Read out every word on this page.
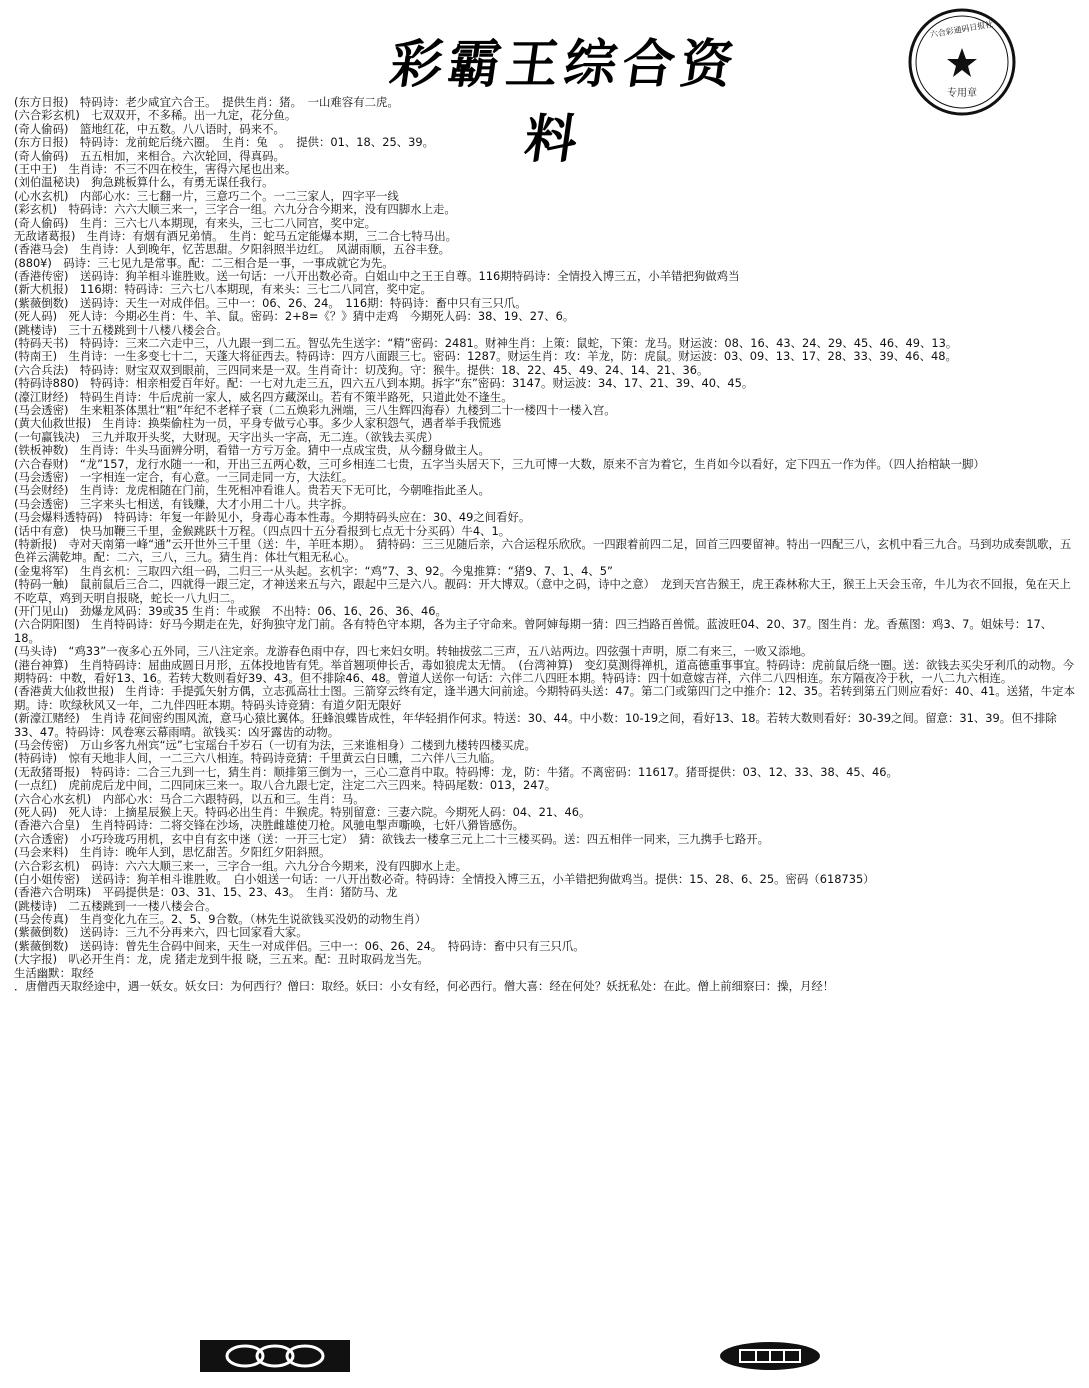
彩霸王综合资料
专用章
六合彩通码日报社
(东方日报)　特码诗：老少咸宜六合王。　提供生肖：猪。　一山难容有二虎。
(六合彩玄机)　七双双开，不多稀。出一九定，花分鱼。
(奇人偷码)　篮地红花，中五数。八八语时，码来不。
(东方日报)　特码诗：龙前蛇后绕六圈。　生肖：兔　。　提供：01、18、25、39。
(奇人偷码)　五五相加，来相合。六次轮回，得真码。
(王中王)　生肖诗：不三不四在校生，害得六尾也出来。
(刘伯温秘诀)　狗急跳板算什么，有勇无谋任我行。
(心水玄机)　内部心水：三七翻一片，三意巧二个。一二三家人，四字平一线
(彩玄机)　特码诗：六六大顺三来一，三字合一组。六九分合今期来，没有四脚水上走。
(奇人偷码)　生肖：三六七八本期现，有来头，三七二八同宫，奖中定。
无敌诸葛报)　生肖诗：有烟有酒兄弟情。　生肖：蛇马五定能爆本期，三二合七特马出。
(香港马会)　生肖诗：人到晚年，忆苦思甜。夕阳斜照半边红。　风湖雨顺，五谷丰登。
(880¥)　码诗：三七见九是常事。配：二三相合是一事，一事成就它为先。
(香港传密)　送码诗：狗羊相斗谁胜败。送一句话：一八开出数必奇。白姐山中之王王自尊。116期特码诗：全情投入博三五，小羊错把狗做鸡当
(新大机报)　116期：特码诗：三六七八本期现，有来头：三七二八同宫，奖中定。
(紫薇倒数)　送码诗：天生一对成伴侣。三中一：06、26、24。　116期：特码诗：畜中只有三只爪。
(死人码)　死人诗：今期必生肖：牛、羊、鼠。密码：2+8=《？》猜中走鸡　今期死人码：38、19、27、6。
(跳楼诗)　三十五楼跳到十八楼八楼会合。
(特码天书)　特码诗：三来二六走中三，八九跟一到二五。智弘先生送字：“精”密码：2481。财神生肖：上策：鼠蛇，下策：龙马。财运波：08、16、43、24、29、45、46、49、13。
(特南王)　生肖诗：一生多变七十二，天蓬大将征西去。特码诗：四方八面跟三七。密码：1287。财运生肖：攻：羊龙，防：虎鼠。财运波：03、09、13、17、28、33、39、46、48。
(六合兵法)　特码诗：财宝双双到眼前，三四同来是一双。生肖奇计：切茂狗。守：猴牛。提供：18、22、45、49、24、14、21、36。
(特码诗880)　特码诗：相亲相爱百年好。配：一七对九走三五，四六五八到本期。拆字“东”密码：3147。财运波：34、17、21、39、40、45。
(濠江財经)　特码生肖诗：牛后虎前一家人，威名四方藏深山。若有不策半路死，只道此处不逢生。
(马会透密)　生来粗茶体黑壮“粗”年纪不老样子衰（二五焕彩九洲端，三八生辉四海春）九楼到二十一楼四十一楼入宫。
(黄大仙救世报)　生肖诗：换柴偷柱为一员，平身专做亏心事。多少人家积怨气，遇者举手我慌逃
(一句赢钱决)　三九并取开头奖，大财现。天字出头一字高，无二连。（欲钱去买虎）
(铁板神数)　生肖诗：牛头马面辨分明，看错一方亏万金。猜中一点成宝贵，从今翻身做主人。
(六合春财)　“龙”157，龙行水随一一和，开出三五两心数，三可乡相连二七贵，五字当头居天下，三九可博一大数，原来不言为着它，生肖如今以看好，定下四五一作为伴。（四人抬棺缺一脚）
(马会透密)　一字相连一定合，有心意。一三同走同一方，大法红。
(马会财经)　生肖诗：龙虎相随在门前，生死相冲看谁人。贵若天下无可比，今朝唯指此圣人。
(马会透密)　三字来头七相送，有钱赚，大才小用二十八。共字拆。
(马会爆料透特码)　特码诗：年复一年龄见小，身毒心毒本性毒。今期特码头应在：30、49之间看好。
(话中有意)　快马加鞭三千里，金猴跳跃十万程。（四点四十五分看报到七点无十分买码）牛4、1。
(特新报)　寺对天南第一峰“通”云开世外三千里（送：牛，羊旺本期）。　猜特码：三三见随后亲，六合运程乐欣欣。一四跟着前四二足，回首三四要留神。特出一四配三八，玄机中看三九合。马到功成奏凯歌，五色祥云满乾坤。配：二六，三八，三九。猜生肖：体壮气粗无私心。
(金鬼将军)　生肖玄机：三取四六组一码，二归三一从头起。玄机字：“鸡”7、3、92。今鬼推算：“猪9、7、1、4、5”
(特码一触)　鼠前鼠后三合二，四就得一跟三定，才神送来五与六，跟起中三是六八。靓码：开大博双。（意中之码，诗中之意）　龙到天宫告猴王，虎王森林称大王，猴王上天会玉帝，牛儿为衣不回报，兔在天上不吃草，鸡到天明自报晓，蛇长一八九归二。
(开门见山)　劲爆龙风码：39或35 生肖：牛或猴　不出特：06、16、26、36、46。
(六合阴阳图)　生肖特码诗：好马今期走在先，好狗独守龙门前。各有特色守本期，各为主子守命来。曾阿婶每期一猜：四三挡路百兽慌。蓝波旺04、20、37。图生肖：龙。香蕉图：鸡3、7。姐妹号：17、18。
(马头诗)　“鸡33”一夜多心五外同，三八注定亲。龙游春色雨中存，四七来妇女明。转轴拔弦二三声，五八站两边。四弦强十声明，原二有来三，一败又添地。
(港台神算)　生肖特码诗：屈曲成圆日月形，五体投地皆有凭。举首翘项伸长舌，毒如狼虎太无情。　(台湾神算)　变幻莫测得禅机，道高德重事事宜。特码诗：虎前鼠后绕一圈。送：欲钱去买尖牙利爪的动物。今期特码：中数，看好13、16。若转大数则看好39、43。但不排除46、48。曾道人送你一句话：六伴二八四旺本期。特码诗：四十如意嫁吉祥，六伴二八四相连。东方隔夜冷于秋，一八二九六相连。
(香港黄大仙救世报)　生肖诗：手提弧矢射方偶，立志孤高壮士图。三箭穿云终有定，逢半遇大问前途。今期特码头送：47。第二门或第四门之中推介：12、35。若转到第五门则应看好：40、41。送猪，牛定本期。诗：吹绿秋风又一年，二九伴四旺本期。特码头诗竞猜：有道夕阳无限好
(新濠江赌经)　生肖诗 花间密约围风流，意马心猿比翼体。狂蜂浪蝶皆成性，年华轻捐作何求。特送：30、44。中小数：10-19之间，看好13、18。若转大数则看好：30-39之间。留意：31、39。但不排除33、47。特码诗：风卷寒云幕雨晴。欲钱买：凶牙露齿的动物。
(马会传密)　万山乡客九州宾“远”七宝瑶台千岁石（一切有为法，三来谁相身）二楼到九楼转四楼买虎。
(特码诗)　惊有天地非人间，一二三六八相连。特码诗竞猜：千里黄云白日曛，二六伴八三九临。
(无敌猪哥报)　特码诗：二合三九到一七，猜生肖：顺排第三倒为一，三心二意肖中取。特码博：龙，防：牛猪。不离密码：11617。猪哥提供：03、12、33、38、45、46。
(一点红)　虎前虎后龙中间，二四同床三来一。取八合九跟七定，注定二六三四来。特码尾数：013，247。
(六合心水玄机)　内部心水：马合二六跟特码，以五和三。生肖：马。
(死人码)　死人诗：上摘星辰猴上天。特码必出生肖：牛猴虎。特别留意：三妻六院。今期死人码：04、21、46。
(香港六合皇)　生肖特码诗：二将交锋在沙场，决胜雌雄使刀枪。风驰电掣声嘶唤，七奸八猾皆感伤。
(六合透密)　小巧玲珑巧用机，玄中自有玄中迷（送：一开三七定）　猜：欲钱去一楼拿三元上二十三楼买码。送：四五相伴一同来，三九携手七路开。
(马会来料)　生肖诗：晚年人到，思忆甜苦。夕阳红夕阳斜照。
(六合彩玄机)　码诗：六六大顺三来一，三字合一组。六九分合今期来，没有四脚水上走。
(白小姐传密)　送码诗：狗羊相斗谁胜败。　白小姐送一句话：一八开出数必奇。特码诗：全情投入博三五，小羊错把狗做鸡当。提供：15、28、6、25。密码（618735）
(香港六合明珠)　平码提供是：03、31、15、23、43。　生肖：猪防马、龙
(跳楼诗)　二五楼跳到一一楼八楼会合。
(马会传真)　生肖变化九在三。2、5、9合数。（林先生说欲钱买没奶的动物生肖）
(紫薇倒数)　送码诗：三九不分再来六，四七回家看大家。
(紫薇倒数)　送码诗：曾先生合码中间来，天生一对成伴侣。三中一：06、26、24。　特码诗：畜中只有三只爪。
(大字报)　叭必开生肖：龙，虎 猪走龙到牛报 晓，三五来。配：丑时取码龙当先。
生活幽默：取经
．唐僧西天取经途中，遇一妖女。妖女曰：为何西行？僧曰：取经。妖曰：小女有经，何必西行。僧大喜：经在何处？妖抚私处：在此。僧上前细察曰：操，月经！
